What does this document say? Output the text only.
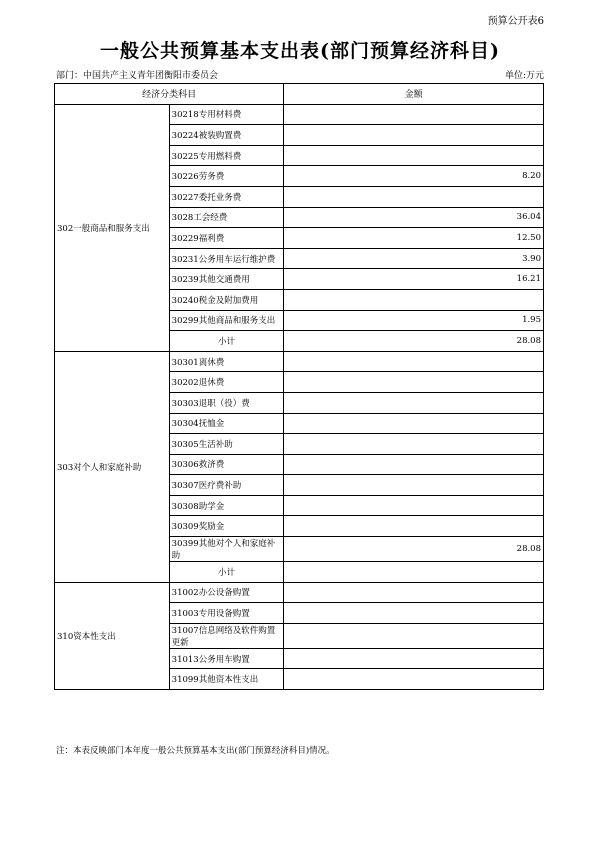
预算公开表6
一般公共预算基本支出表(部门预算经济科目)
部门：中国共产主义青年团衡阳市委员会	单位:万元
经济分类科目		金额
302一般商品和服务支出	30218专用材料费	
	30224被装购置费	
	30225专用燃料费	
	30226劳务费	8.20
	30227委托业务费	
	3028工会经费	36.04
	30229福利费	12.50
	30231公务用车运行维护费	3.90
	30239其他交通费用	16.21
	30240税金及附加费用	
	30299其他商品和服务支出	1.95
	小计	28.08
303对个人和家庭补助	30301离休费	
	30202退休费	
	30303退职（役）费	
	30304抚恤金	
	30305生活补助	
	30306救济费	
	30307医疗费补助	
	30308助学金	
	30309奖励金	
	30399其他对个人和家庭补助	28.08
	小计	
310资本性支出	31002办公设备购置	
	31003专用设备购置	
	31007信息网络及软件购置更新	
	31013公务用车购置	
	31099其他资本性支出	
注：本表反映部门本年度一般公共预算基本支出(部门预算经济科目)情况。
